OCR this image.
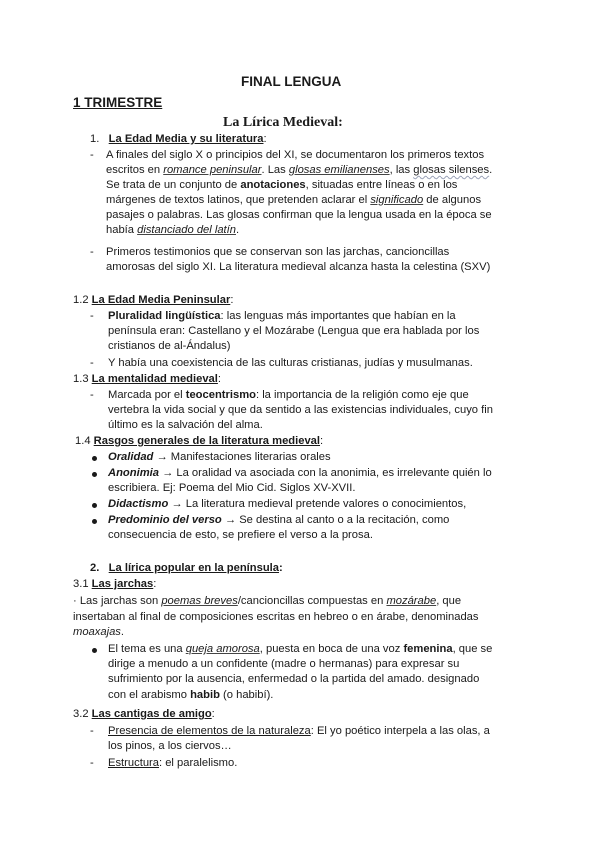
FINAL LENGUA
1 TRIMESTRE
La Lírica Medieval:
1. La Edad Media y su literatura:
- A finales del siglo X o principios del XI, se documentaron los primeros textos
escritos en romance peninsular. Las glosas emilianenses, las glosas silenses.
Se trata de un conjunto de anotaciones, situadas entre líneas o en los
márgenes de textos latinos, que pretenden aclarar el significado de algunos
pasajes o palabras. Las glosas confirman que la lengua usada en la época se
había distanciado del latín.
- Primeros testimonios que se conservan son las jarchas, cancioncillas
amorosas del siglo XI. La literatura medieval alcanza hasta la celestina (SXV)
1.2 La Edad Media Peninsular:
- Pluralidad lingüística: las lenguas más importantes que habían en la
península eran: Castellano y el Mozárabe (Lengua que era hablada por los
cristianos de al-Ándalus)
- Y había una coexistencia de las culturas cristianas, judías y musulmanas.
1.3 La mentalidad medieval:
- Marcada por el teocentrismo: la importancia de la religión como eje que
vertebra la vida social y que da sentido a las existencias individuales, cuyo fin
último es la salvación del alma.
1.4 Rasgos generales de la literatura medieval:
Oralidad → Manifestaciones literarias orales
Anonimia → La oralidad va asociada con la anonimia, es irrelevante quién lo
escribiera. Ej: Poema del Mio Cid. Siglos XV-XVII.
Didactismo → La literatura medieval pretende valores o conocimientos,
Predominio del verso → Se destina al canto o a la recitación, como
consecuencia de esto, se prefiere el verso a la prosa.
2. La lírica popular en la península:
3.1 Las jarchas:
· Las jarchas son poemas breves/cancioncillas compuestas en mozárabe, que
insertaban al final de composiciones escritas en hebreo o en árabe, denominadas
moaxajas.
El tema es una queja amorosa, puesta en boca de una voz femenina, que se
dirige a menudo a un confidente (madre o hermanas) para expresar su
sufrimiento por la ausencia, enfermedad o la partida del amado. designado
con el arabismo habib (o habibí).
3.2 Las cantigas de amigo:
- Presencia de elementos de la naturaleza: El yo poético interpela a las olas, a
los pinos, a los ciervos…
- Estructura: el paralelismo.
